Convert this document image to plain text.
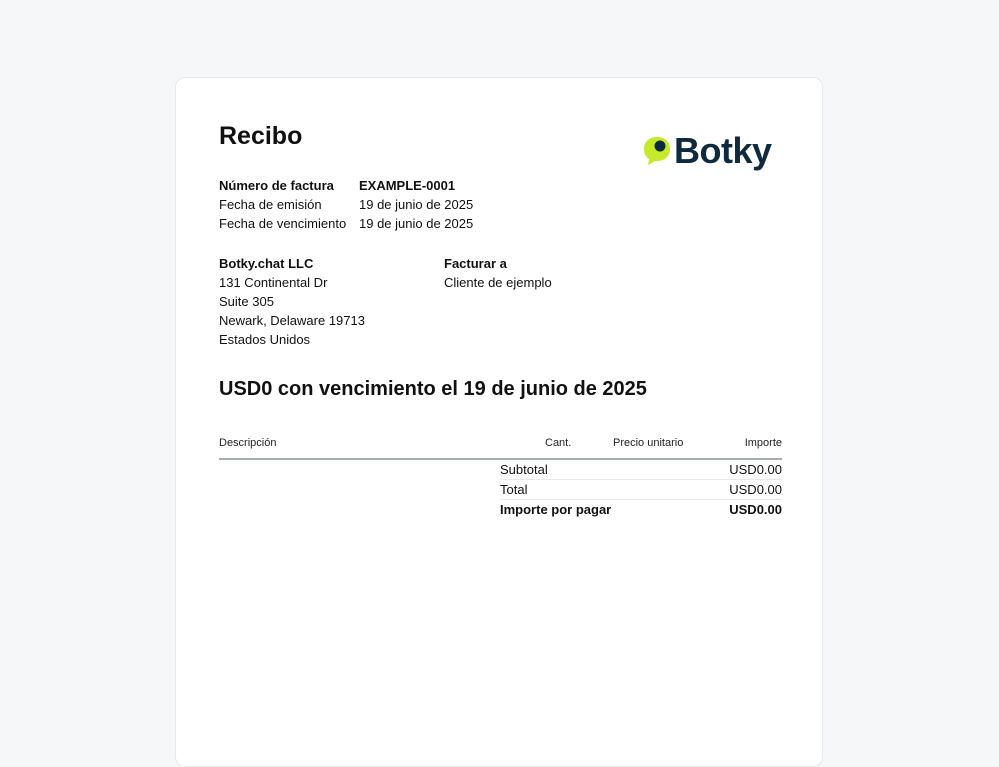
Recibo	Botky
Número de factura	EXAMPLE-0001
Fecha de emisión	19 de junio de 2025
Fecha de vencimiento 19 de junio de 2025
Botky.chat LLC
131 Continental Dr
Suite 305
Newark, Delaware 19713
Estados Unidos
Facturar a
Cliente de ejemplo
USD0 con vencimiento el 19 de junio de 2025
Descripción	Cant.	Precio unitario	Importe
Subtotal	USD0.00
Total	USD0.00
Importe por pagar	USD0.00
